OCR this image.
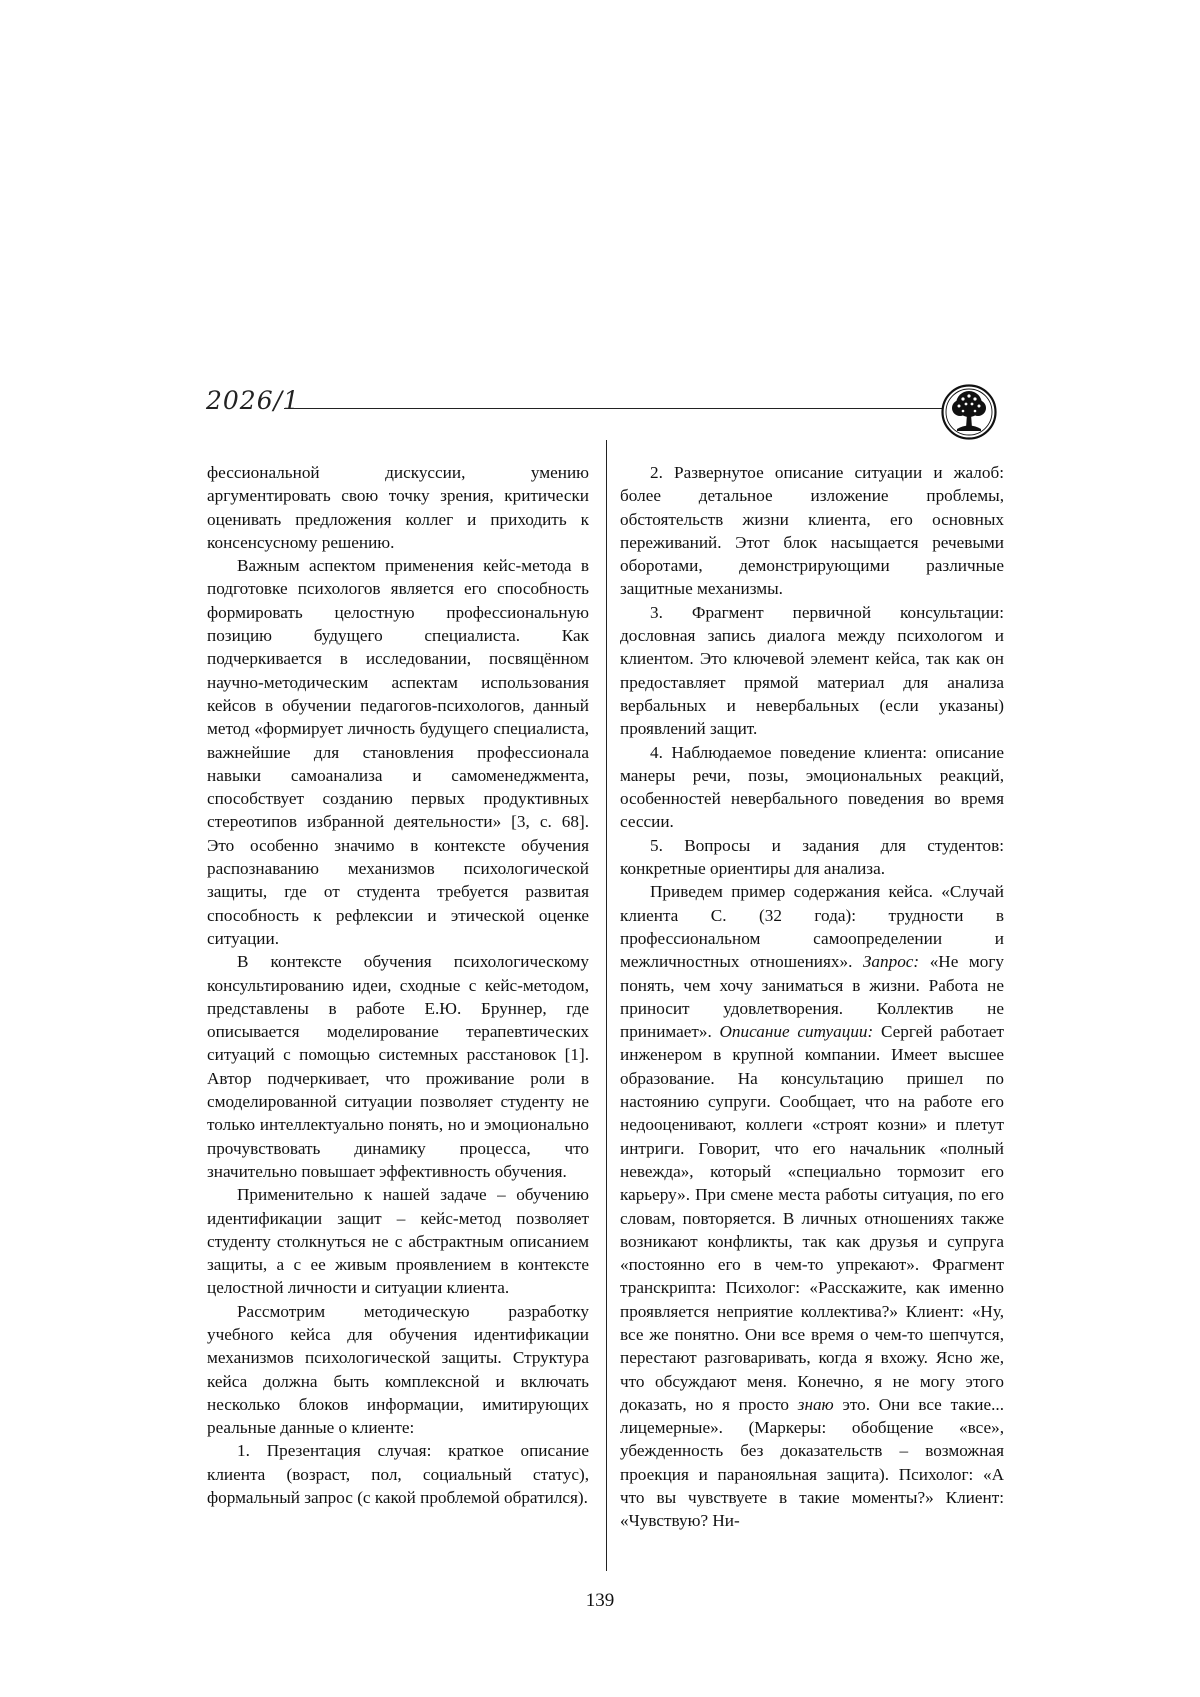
2026/1

фессиональной дискуссии, умению аргументировать свою точку зрения, критически оценивать предложения коллег и приходить к консенсусному решению.

Важным аспектом применения кейс-метода в подготовке психологов является его способность формировать целостную профессиональную позицию будущего специалиста. Как подчеркивается в исследовании, посвящённом научно-методическим аспектам использования кейсов в обучении педагогов-психологов, данный метод «формирует личность будущего специалиста, важнейшие для становления профессионала навыки самоанализа и самоменеджмента, способствует созданию первых продуктивных стереотипов избранной деятельности» [3, с. 68]. Это особенно значимо в контексте обучения распознаванию механизмов психологической защиты, где от студента требуется развитая способность к рефлексии и этической оценке ситуации.

В контексте обучения психологическому консультированию идеи, сходные с кейс-методом, представлены в работе Е.Ю. Бруннер, где описывается моделирование терапевтических ситуаций с помощью системных расстановок [1]. Автор подчеркивает, что проживание роли в смоделированной ситуации позволяет студенту не только интеллектуально понять, но и эмоционально прочувствовать динамику процесса, что значительно повышает эффективность обучения.

Применительно к нашей задаче – обучению идентификации защит – кейс-метод позволяет студенту столкнуться не с абстрактным описанием защиты, а с ее живым проявлением в контексте целостной личности и ситуации клиента.

Рассмотрим методическую разработку учебного кейса для обучения идентификации механизмов психологической защиты. Структура кейса должна быть комплексной и включать несколько блоков информации, имитирующих реальные данные о клиенте:

1. Презентация случая: краткое описание клиента (возраст, пол, социальный статус), формальный запрос (с какой проблемой обратился).

2. Развернутое описание ситуации и жалоб: более детальное изложение проблемы, обстоятельств жизни клиента, его основных переживаний. Этот блок насыщается речевыми оборотами, демонстрирующими различные защитные механизмы.

3. Фрагмент первичной консультации: дословная запись диалога между психологом и клиентом. Это ключевой элемент кейса, так как он предоставляет прямой материал для анализа вербальных и невербальных (если указаны) проявлений защит.

4. Наблюдаемое поведение клиента: описание манеры речи, позы, эмоциональных реакций, особенностей невербального поведения во время сессии.

5. Вопросы и задания для студентов: конкретные ориентиры для анализа.

Приведем пример содержания кейса. «Случай клиента С. (32 года): трудности в профессиональном самоопределении и межличностных отношениях». Запрос: «Не могу понять, чем хочу заниматься в жизни. Работа не приносит удовлетворения. Коллектив не принимает». Описание ситуации: Сергей работает инженером в крупной компании. Имеет высшее образование. На консультацию пришел по настоянию супруги. Сообщает, что на работе его недооценивают, коллеги «строят козни» и плетут интриги. Говорит, что его начальник «полный невежда», который «специально тормозит его карьеру». При смене места работы ситуация, по его словам, повторяется. В личных отношениях также возникают конфликты, так как друзья и супруга «постоянно его в чем-то упрекают». Фрагмент транскрипта: Психолог: «Расскажите, как именно проявляется неприятие коллектива?» Клиент: «Ну, все же понятно. Они все время о чем-то шепчутся, перестают разговаривать, когда я вхожу. Ясно же, что обсуждают меня. Конечно, я не могу этого доказать, но я просто знаю это. Они все такие... лицемерные». (Маркеры: обобщение «все», убежденность без доказательств – возможная проекция и паранояльная защита). Психолог: «А что вы чувствуете в такие моменты?» Клиент: «Чувствую? Ни-

139
